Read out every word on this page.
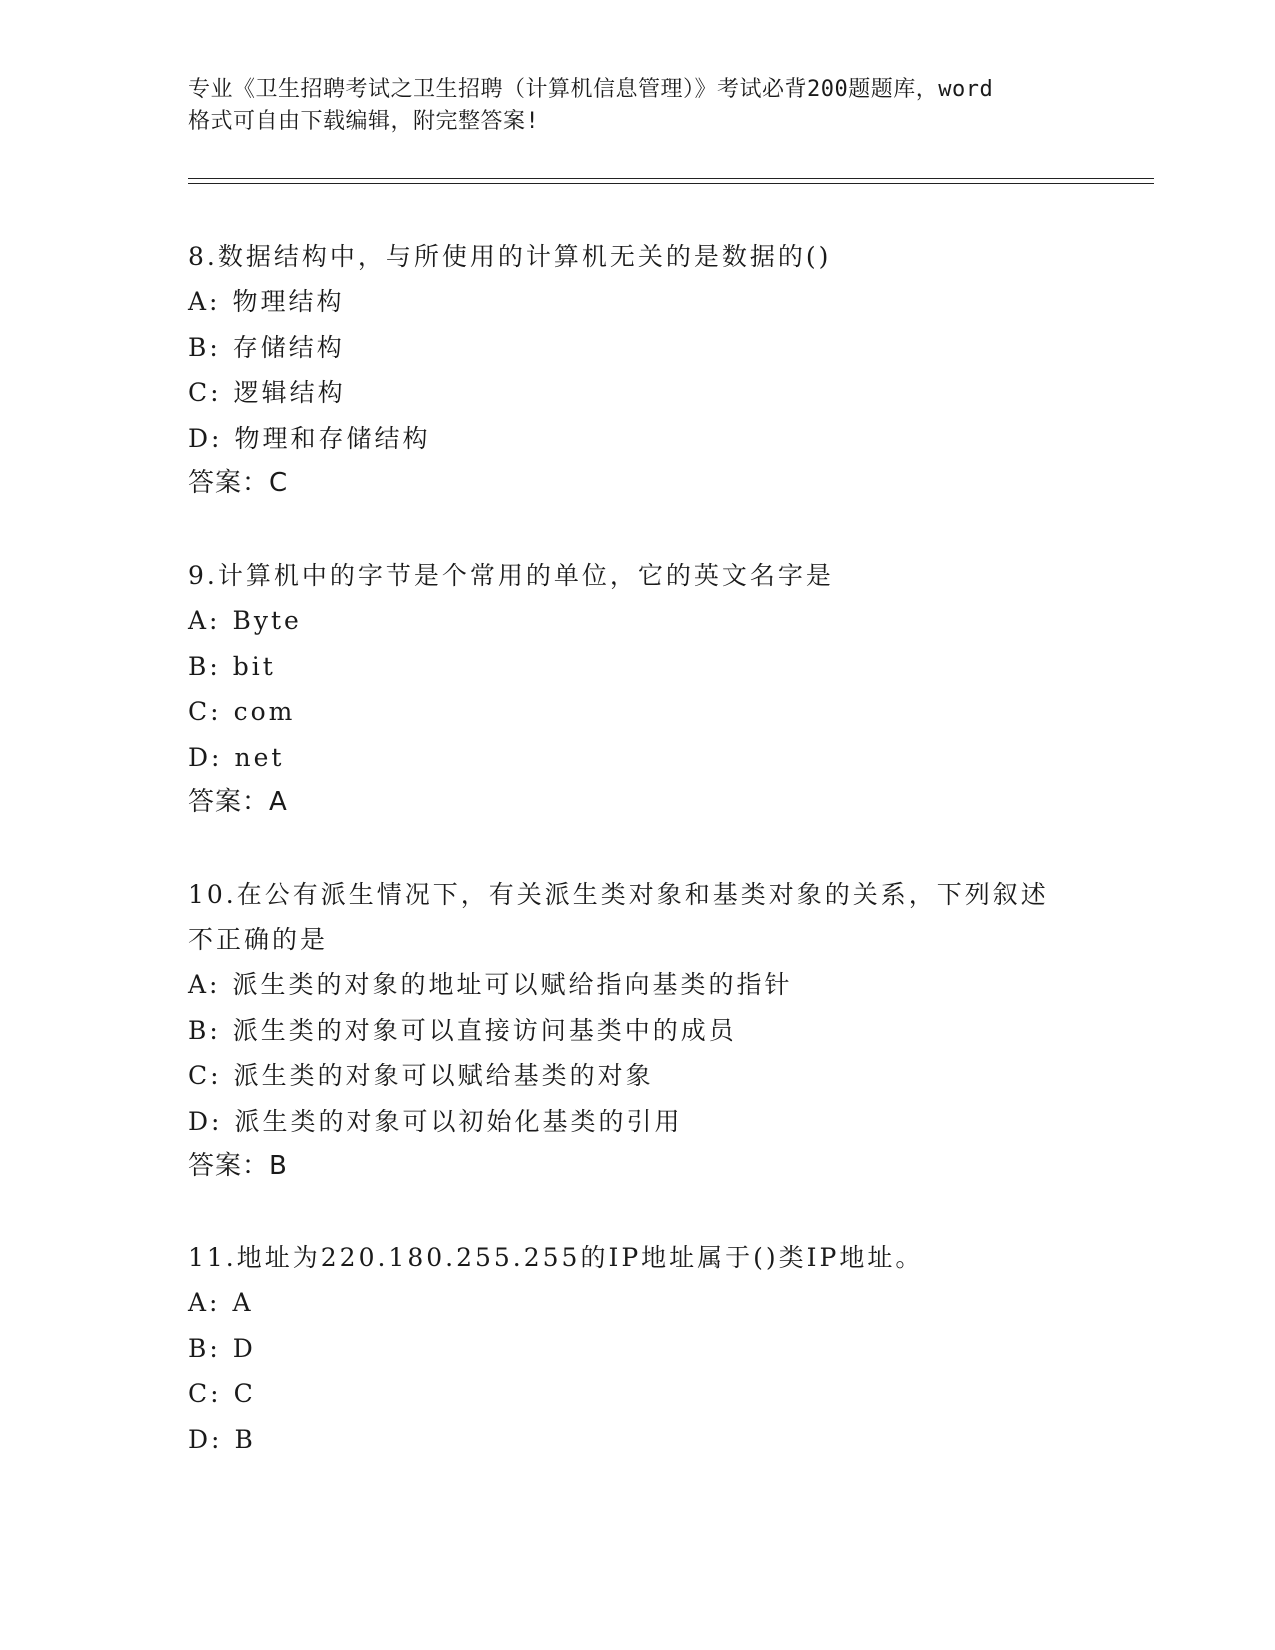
专业《卫生招聘考试之卫生招聘（计算机信息管理）》考试必背200题题库，word

格式可自由下载编辑，附完整答案!

8.数据结构中，与所使用的计算机无关的是数据的()

A: 物理结构

B: 存储结构

C: 逻辑结构

D: 物理和存储结构

答案：C

9.计算机中的字节是个常用的单位，它的英文名字是

A: Byte

B: bit

C: com

D: net

答案：A

10.在公有派生情况下，有关派生类对象和基类对象的关系，下列叙述

不正确的是

A: 派生类的对象的地址可以赋给指向基类的指针

B: 派生类的对象可以直接访问基类中的成员

C: 派生类的对象可以赋给基类的对象

D: 派生类的对象可以初始化基类的引用

答案：B

11.地址为220.180.255.255的IP地址属于()类IP地址。

A: A

B: D

C: C

D: B
